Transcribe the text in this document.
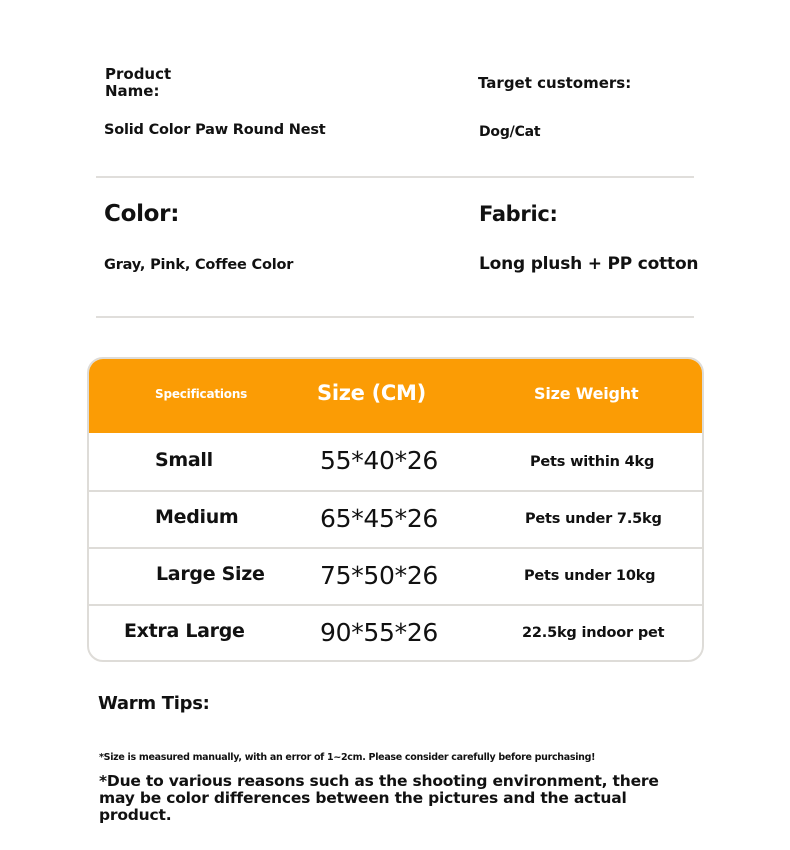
Product
Name:
Solid Color Paw Round Nest
Target customers:
Dog/Cat
Color:
Gray, Pink, Coffee Color
Fabric:
Long plush + PP cotton
Specifications	Size (CM)	Size Weight
Small	55*40*26	Pets within 4kg
Medium	65*45*26	Pets under 7.5kg
Large Size 75*50*26	Pets under 10kg
Extra Large	90*55*26	22.5kg indoor pet
Warm Tips:
*Size is measured manually, with an error of 1~2cm. Please consider carefully before purchasing!
*Due to various reasons such as the shooting environment, there may be color differences between the pictures and the actual product.
